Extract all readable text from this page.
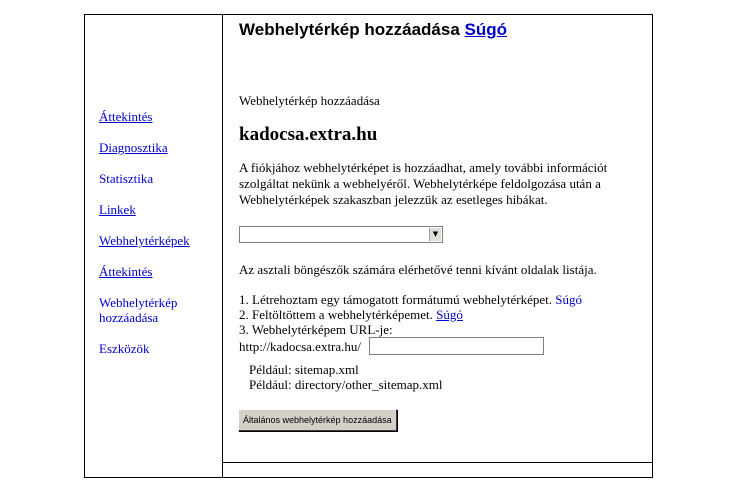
Áttekintés
Diagnosztika
Statisztika
Linkek
Webhelytérképek
Áttekintés
Webhelytérkép hozzáadása
Eszközök
Webhelytérkép hozzáadása Súgó
Webhelytérkép hozzáadása
kadocsa.extra.hu
A fiókjához webhelytérképet is hozzáadhat, amely további információt szolgáltat nekünk a webhelyéről. Webhelytérképe feldolgozása után a Webhelytérképek szakaszban jelezzük az esetleges hibákat.
▼
Az asztali böngészők számára elérhetővé tenni kívánt oldalak listája.
1. Létrehoztam egy támogatott formátumú webhelytérképet. Súgó
2. Feltöltöttem a webhelytérképemet. Súgó
3. Webhelytérképem URL-je:
http://kadocsa.extra.hu/
Például: sitemap.xml
Például: directory/other_sitemap.xml
Általános webhelytérkép hozzáadása
